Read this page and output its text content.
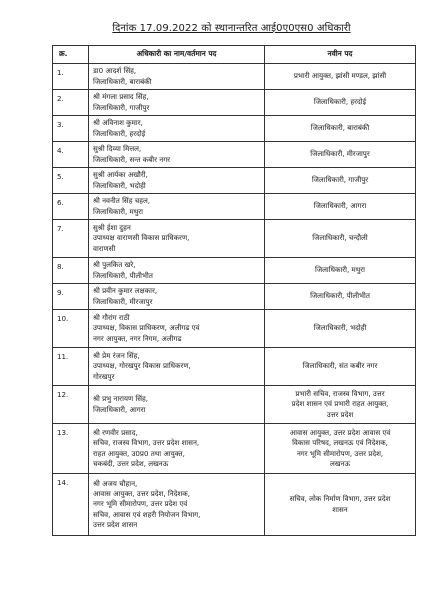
दिनांक 17.09.2022 को स्थानान्तरित आई0ए0एस0 अधिकारी
क्र.	अधिकारी का नाम/वर्तमान पद	नवीन पद
1.	डा0 आदर्श सिंह,
जिलाधिकारी, बाराबंकी	प्रभारी आयुक्त, झांसी मण्डल, झांसी

2.	श्री मंगला प्रसाद सिंह,
जिलाधिकारी, गाजीपुर	जिलाधिकारी, हरदोई

3.	श्री अविनाश कुमार,
जिलाधिकारी, हरदोई	जिलाधिकारी, बाराबंकी

4.	सुश्री दिव्या मित्तल,
जिलाधिकारी, सन्त कबीर नगर	जिलाधिकारी, मीरजापुर

5.	सुश्री आर्यका अखौरी,
जिलाधिकारी, भदोही	जिलाधिकारी, गाजीपुर

6.	श्री नवनीत सिंह चहल,
जिलाधिकारी, मथुरा	जिलाधिकारी, आगरा

7.	सुश्री ईशा दुहन
उपाध्यक्ष वाराणसी विकास प्राधिकरण,
वाराणसी	जिलाधिकारी, चन्दौली

8.	श्री पुलकित खरे,
जिलाधिकारी, पीलीभीत	जिलाधिकारी, मथुरा

9.	श्री प्रवीन कुमार लक्षकार,
जिलाधिकारी, मीरजापुर	जिलाधिकारी, पीलीभीत

10.	श्री गौरांग राठी
उपाध्यक्ष, विकास प्राधिकरण, अलीगढ एवं
नगर आयुक्त, नगर निगम, अलीगढ	जिलाधिकारी, भदोही

11.	श्री प्रेम रंजन सिंह,
उपाध्यक्ष, गोरखपुर विकास प्राधिकरण,
गोरखपुर	जिलाधिकारी, संत कबीर नगर

12.	श्री प्रभु नारायण सिंह,
जिलाधिकारी, आगरा	प्रभारी सचिव, राजस्व विभाग, उत्तर
प्रदेश शासन एवं प्रभारी राहत आयुक्त,
उत्तर प्रदेश

13.	श्री रणवीर प्रसाद,
सचिव, राजस्व विभाग, उत्तर प्रदेश शासन,
राहत आयुक्त, उ0प्र0 तथा आयुक्त,
चकबंदी, उत्तर प्रदेश, लखनऊ	आवास आयुक्त, उत्तर प्रदेश आवास एवं
विकास परिषद, लखनऊ एवं निदेशक,
नगर भूमि सीमारोपण, उत्तर प्रदेश,
लखनऊ

14.	श्री अजय चौहान,
आवास आयुक्त, उत्तर प्रदेश, निदेशक,
नगर भूमि सीमारोपण, उत्तर प्रदेश एवं
सचिव, आवास एवं शहरी नियोजन विभाग,
उत्तर प्रदेश शासन	सचिव, लोक निर्माण विभाग, उत्तर प्रदेश
शासन
